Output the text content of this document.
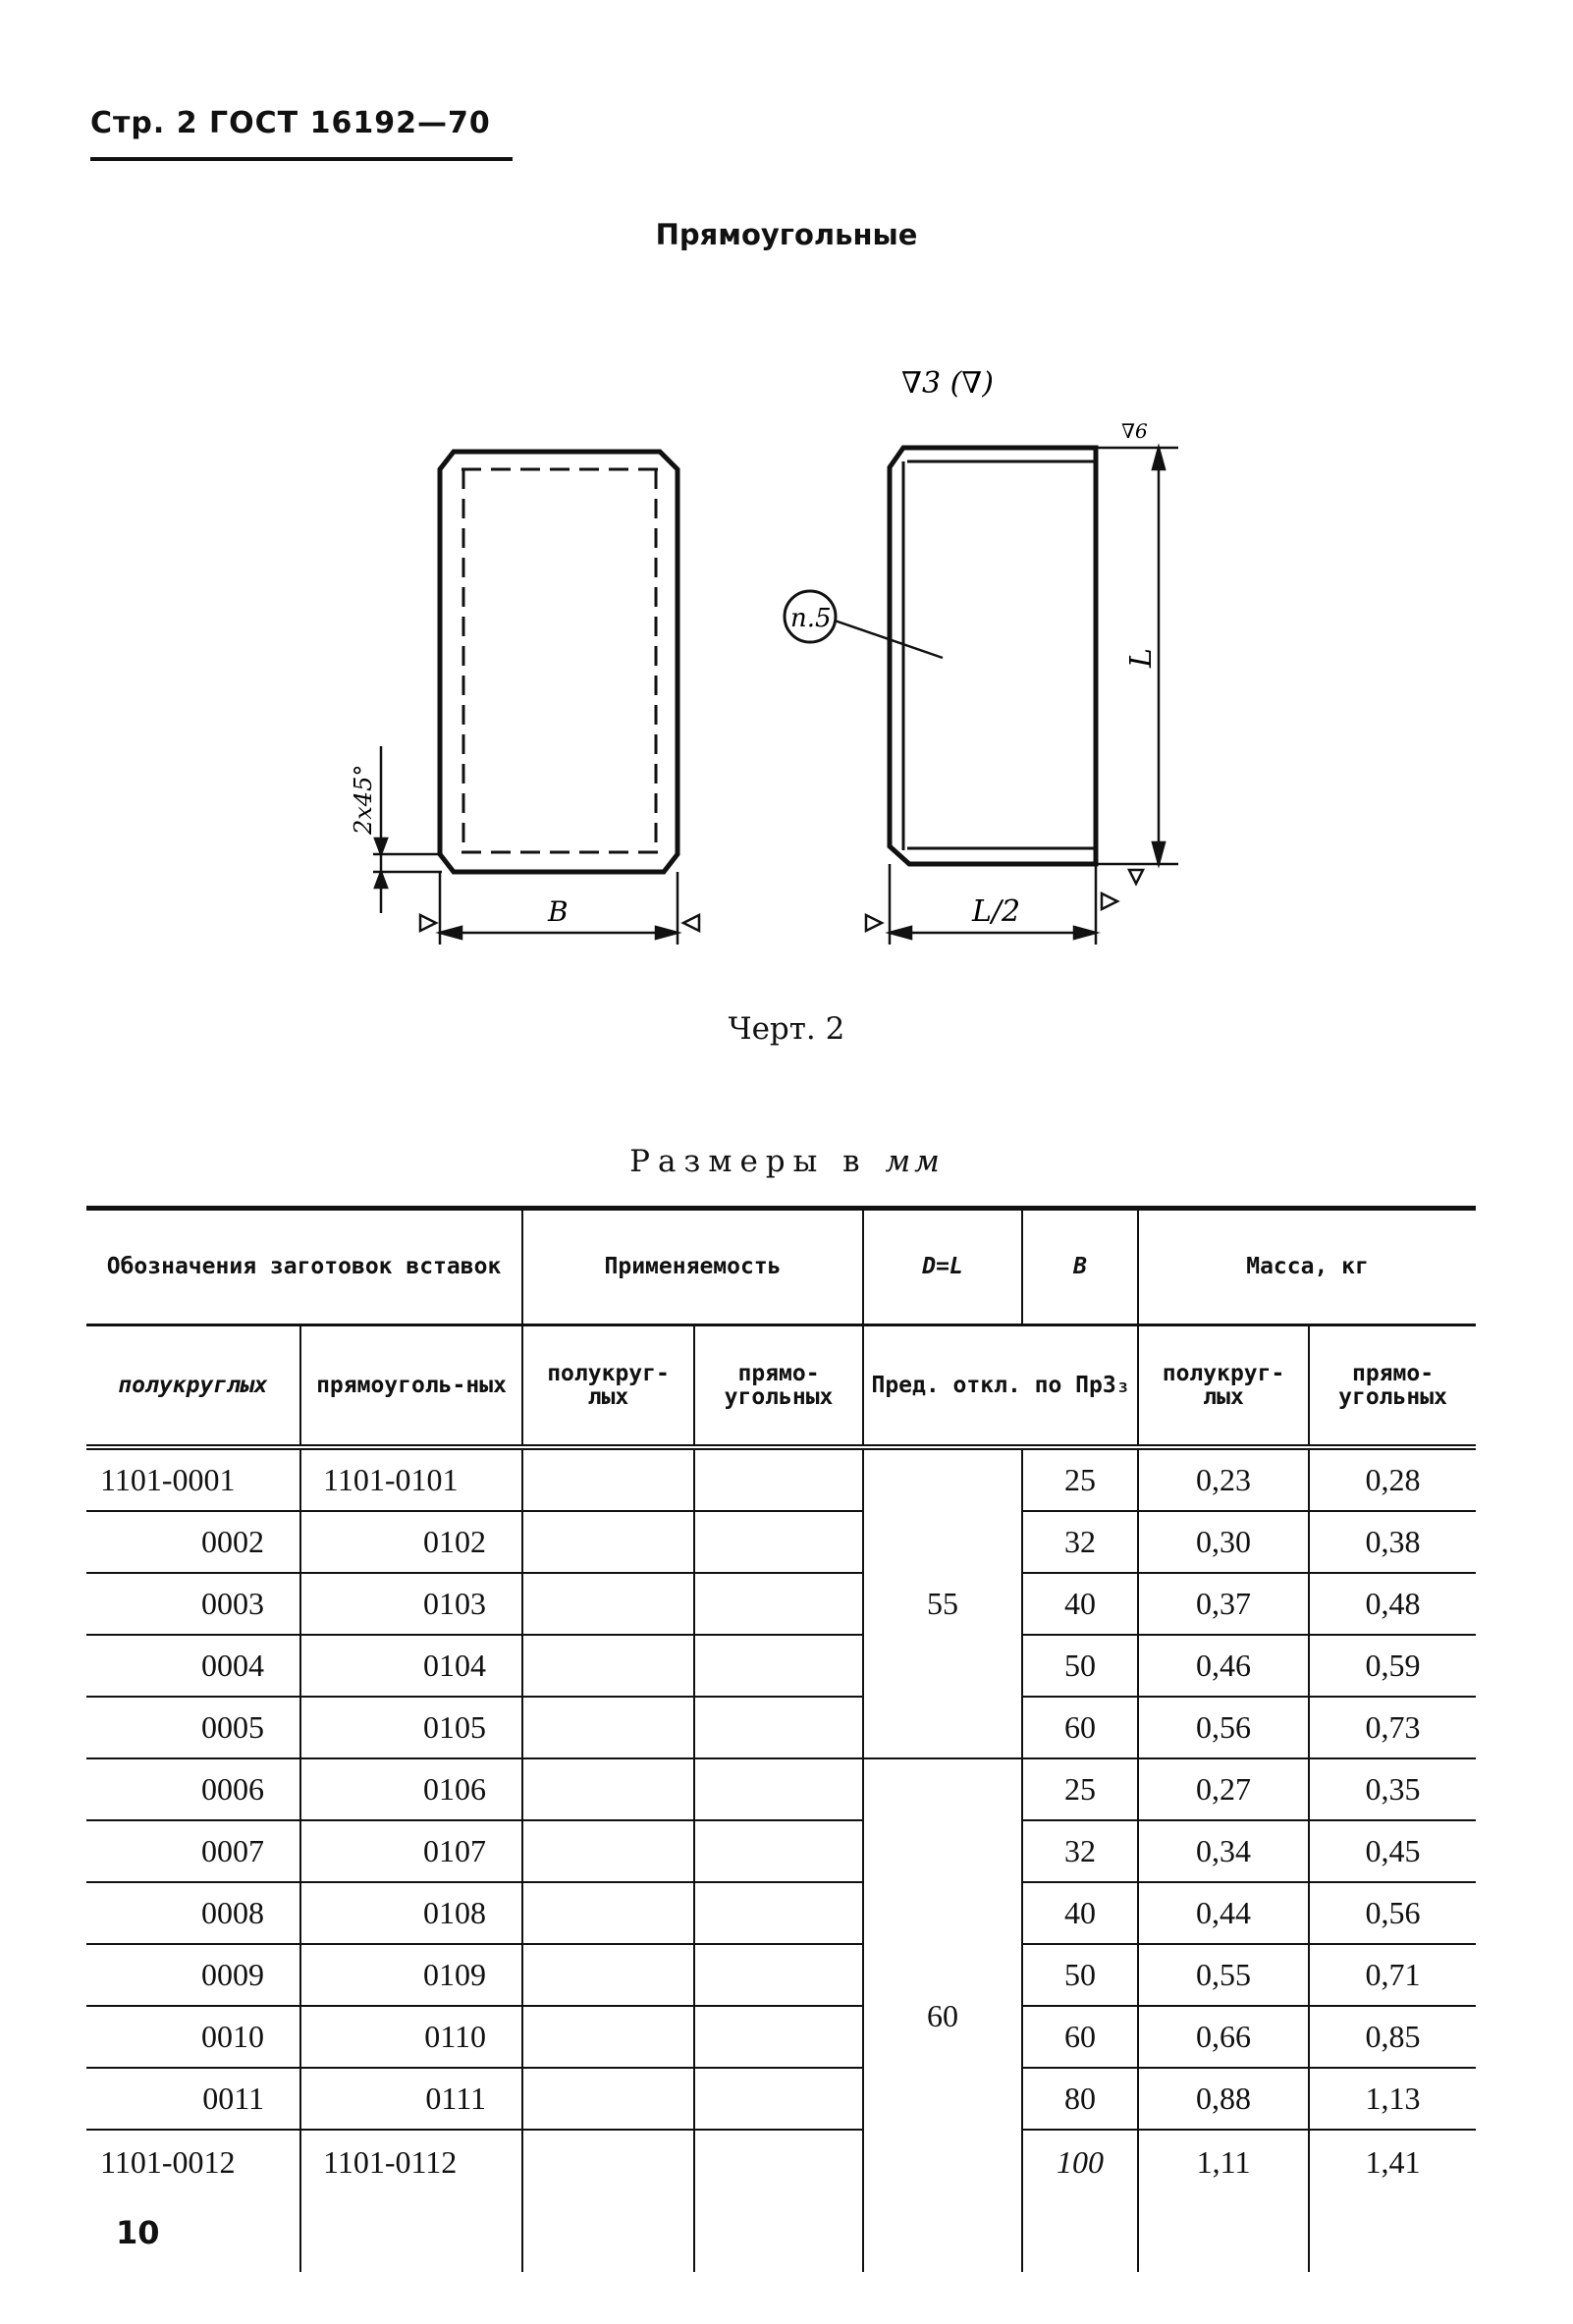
Стр. 2 ГОСТ 16192—70
Прямоугольные
∇3 (∇)
∇6
2x45°
B
п.5
L
L/2
Черт. 2
Размеры в мм
Обозначения заготовок вставок		Применяемость		D=L	B	Масса, кг	
полукруглых	прямоуголь-ных	полукруг-лых	прямо-угольных	Пред. откл. по Пр3₃		полукруг-лых	прямо-угольных
1101-0001	1101-0101			55	25	0,23	0,28
0002	0102				32	0,30	0,38
0003	0103				40	0,37	0,48
0004	0104				50	0,46	0,59
0005	0105				60	0,56	0,73
0006	0106			60	25	0,27	0,35
0007	0107				32	0,34	0,45
0008	0108				40	0,44	0,56
0009	0109				50	0,55	0,71
0010	0110				60	0,66	0,85
0011	0111				80	0,88	1,13
1101-0012	1101-0112				100	1,11	1,41
10
